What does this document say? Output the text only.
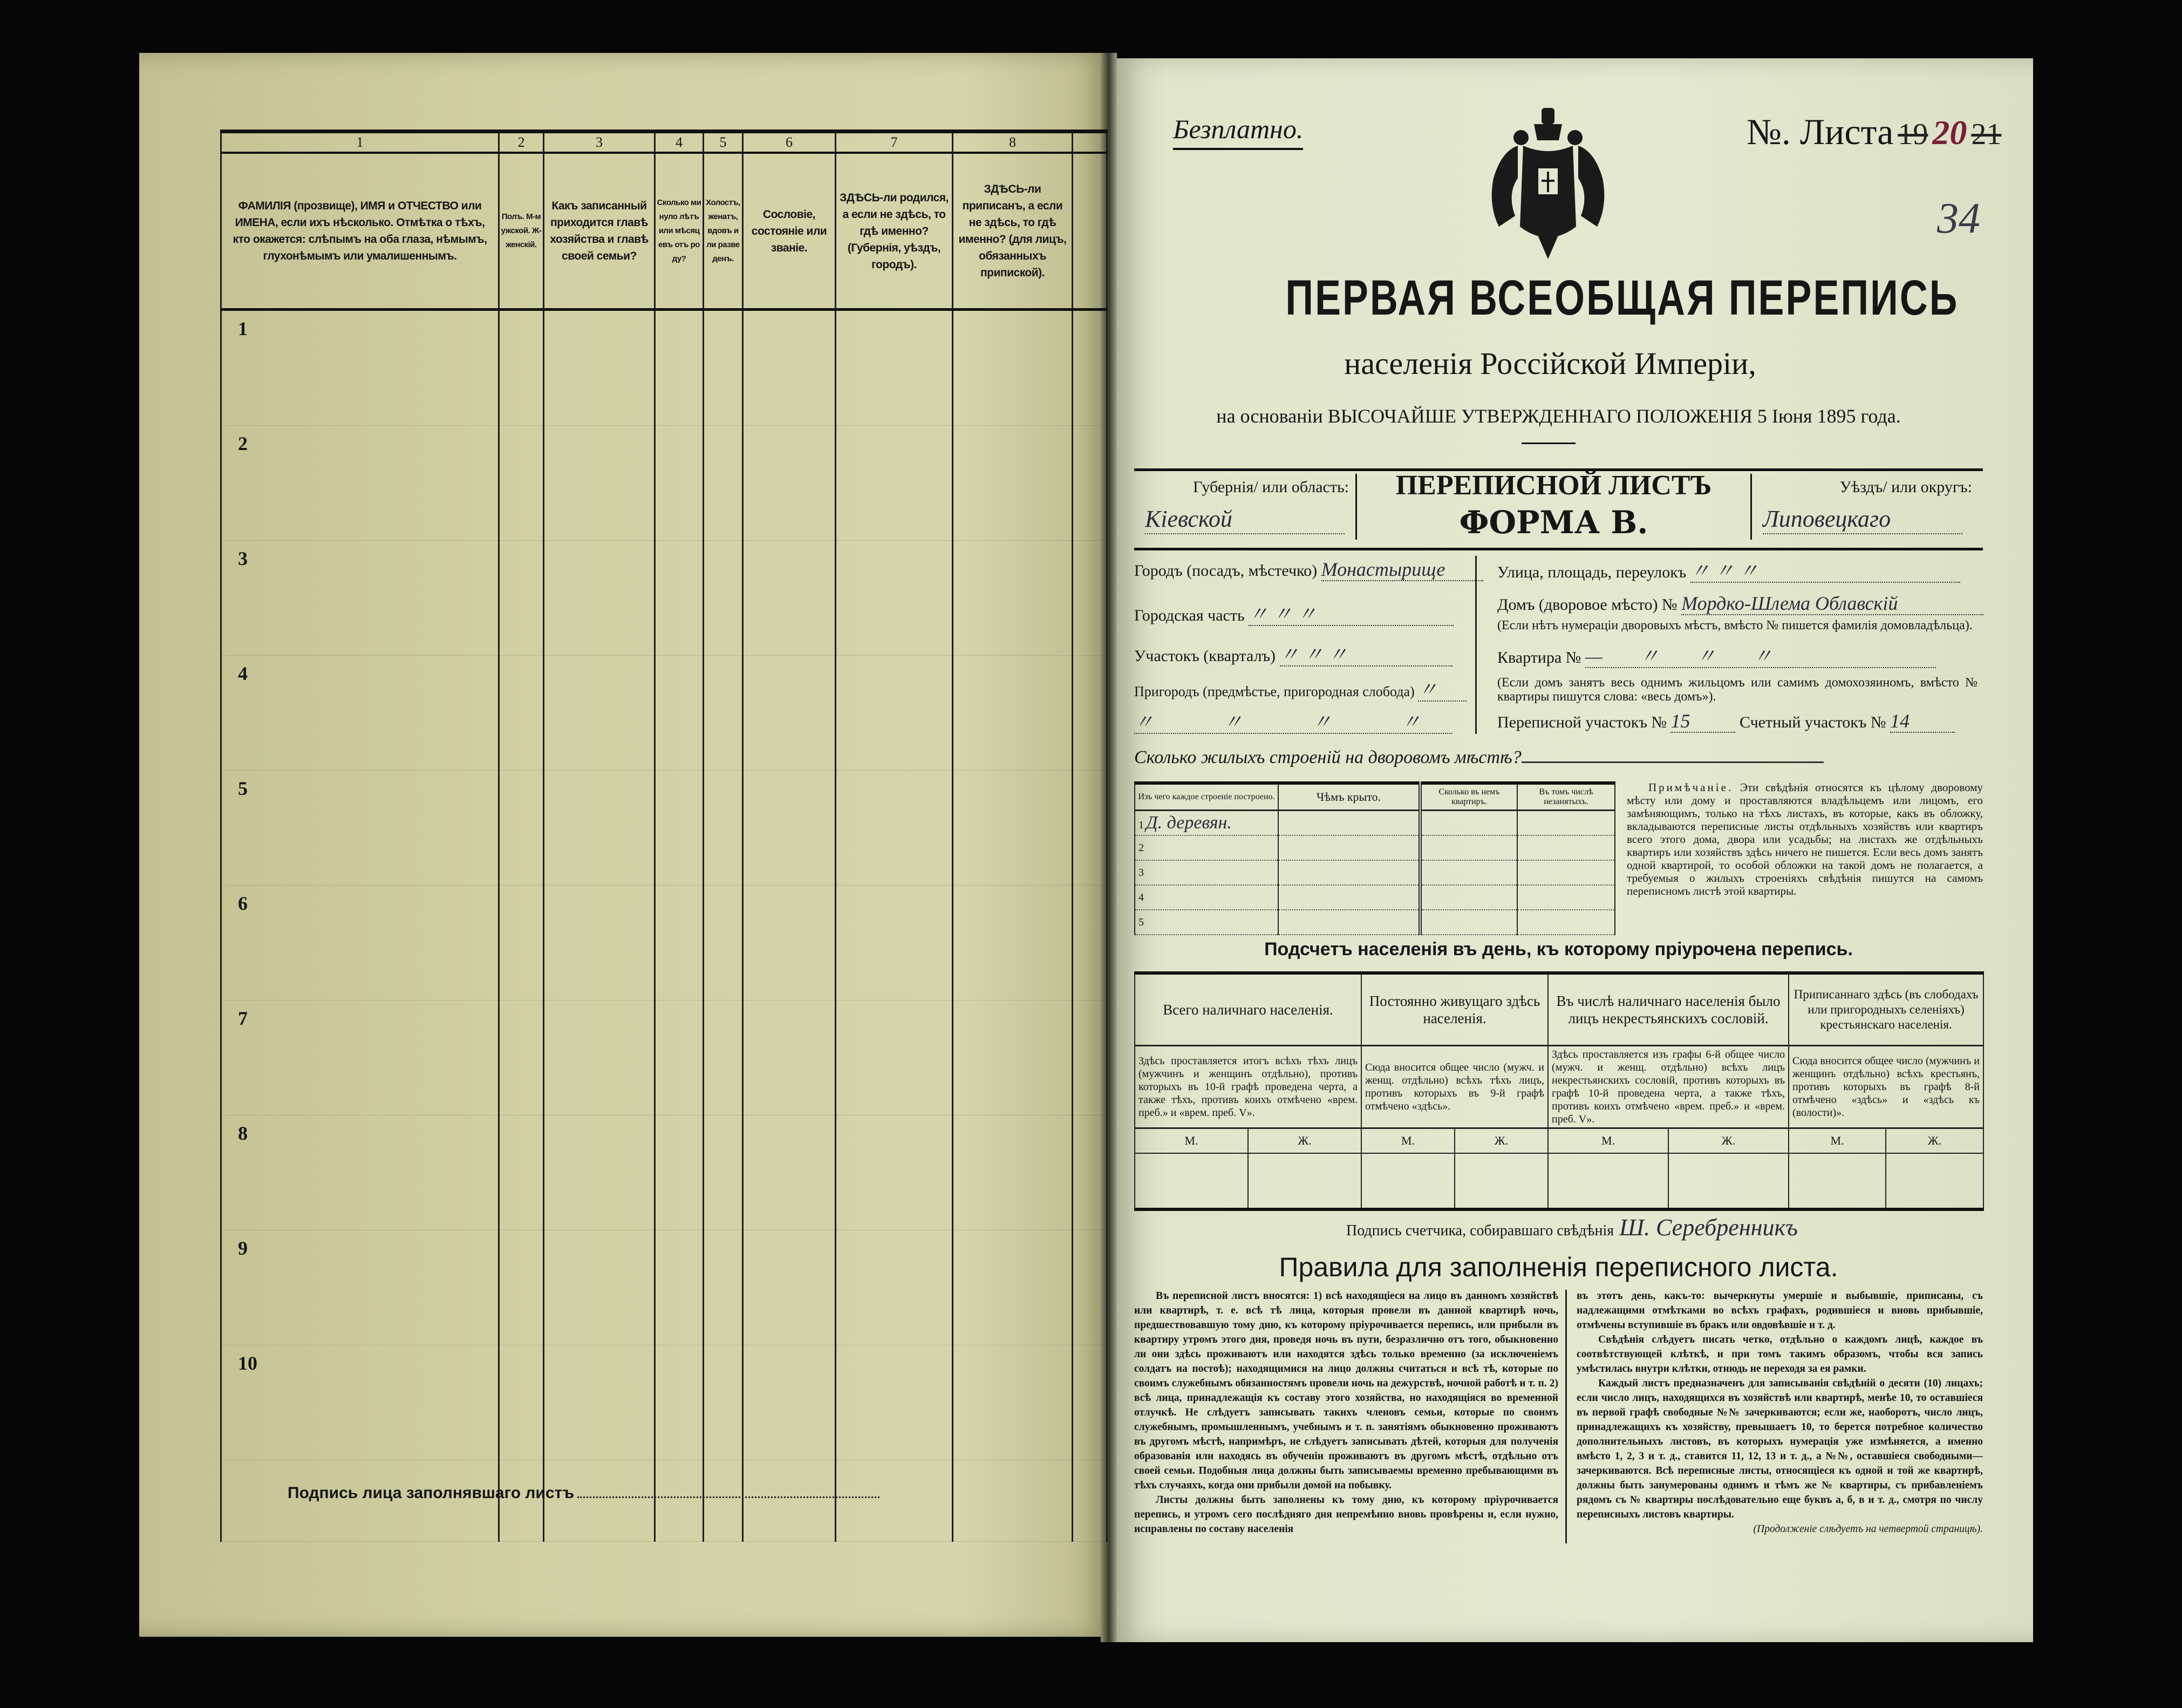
1	2	3	4	5	6	7	8	
ФАМИЛІЯ (прозвище), ИМЯ и ОТЧЕСТВО или ИМЕНА, если ихъ нѣсколько. Отмѣтка о тѣхъ, кто окажется: слѣпымъ на оба глаза, нѣмымъ, глухонѣмымъ или умалишеннымъ.	Полъ. М-мужской. Ж-женскій.	Какъ записанный приходится главѣ хозяйства и главѣ своей семьи?	Сколько минуло лѣтъ или мѣсяцевъ отъ роду?	Холостъ, женатъ, вдовъ или разведенъ.	Сословіе, состояніе или званіе.	ЗДѢСЬ-ли родился, а если не здѣсь, то гдѣ именно? (Губернія, уѣздъ, городъ).	ЗДѢСЬ-ли приписанъ, а если не здѣсь, то гдѣ именно? (для лицъ, обязанныхъ припиской).	
1								
2								
3								
4								
5								
6								
7								
8								
9								
10								

Подпись лица заполнявшаго листъ
Безплатно.	№. Листа 19 20 21
34
ПЕРВАЯ ВСЕОБЩАЯ ПЕРЕПИСЬ
населенія Россійской Имперіи,
на основаніи ВЫСОЧАЙШЕ УТВЕРЖДЕННАГО ПОЛОЖЕНІЯ 5 Іюня 1895 года.
Губернія/ или область:
Кіевской
ПЕРЕПИСНОЙ ЛИСТЪ
ФОРМА В.
Уѣздъ/ или округъ:
Липовецкаго
Городъ (посадъ, мѣстечко) Монастырище
Городская часть 〃 〃 〃
Участокъ (кварталъ) 〃 〃 〃
Пригородъ (предмѣстье, пригородная слобода) 〃
〃 〃 〃 〃
Улица, площадь, переулокъ 〃 〃 〃
Домъ (дворовое мѣсто) № Мордко-Шлема Облавскій
(Если нѣтъ нумераціи дворовыхъ мѣстъ, вмѣсто № пишется фамилія домовладѣльца).
Квартира № — 〃 〃 〃
(Если домъ занятъ весь однимъ жильцомъ или самимъ домохозяиномъ, вмѣсто № квартиры пишутся слова: «весь домъ»).
Переписной участокъ № 15	Счетный участокъ № 14
Сколько жилыхъ строеній на дворовомъ мѣстѣ?
Изъ чего каждое строеніе построено.	Чѣмъ крыто.	Сколько въ немъ квартиръ.	Въ томъ числѣ незанятыхъ.
1 Д. деревян.			
2			
3			
4			
5			
Примѣчаніе. Эти свѣдѣнія относятся къ цѣлому дворовому мѣсту или дому и проставляются владѣльцемъ или лицомъ, его замѣняющимъ, только на тѣхъ листахъ, въ которые, какъ въ обложку, вкладываются переписные листы отдѣльныхъ хозяйствъ или квартиръ всего этого дома, двора или усадьбы; на листахъ же отдѣльныхъ квартиръ или хозяйствъ здѣсь ничего не пишется. Если весь домъ занятъ одной квартирой, то особой обложки на такой домъ не полагается, а требуемыя о жилыхъ строеніяхъ свѣдѣнія пишутся на самомъ переписномъ листѣ этой квартиры.
Подсчетъ населенія въ день, къ которому пріурочена перепись.
Всего наличнаго населенія.		Постоянно живущаго здѣсь населенія.		Въ числѣ наличнаго населенія было лицъ некрестьянскихъ сословій.		Приписаннаго здѣсь (въ слободахъ или пригородныхъ селеніяхъ) крестьянскаго населенія.	
Здѣсь проставляется итогъ всѣхъ тѣхъ лицъ (мужчинъ и женщинъ отдѣльно), противъ которыхъ въ 10-й графѣ проведена черта, а также тѣхъ, противъ коихъ отмѣчено «врем. преб.» и «врем. преб. V».		Сюда вносится общее число (мужч. и женщ. отдѣльно) всѣхъ тѣхъ лицъ, противъ которыхъ въ 9-й графѣ отмѣчено «здѣсь».		Здѣсь проставляется изъ графы 6-й общее число (мужч. и женщ. отдѣльно) всѣхъ лицъ некрестьянскихъ сословій, противъ которыхъ въ графѣ 10-й проведена черта, а также тѣхъ, противъ коихъ отмѣчено «врем. преб.» и «врем. преб. V».		Сюда вносится общее число (мужчинъ и женщинъ отдѣльно) всѣхъ крестьянъ, противъ которыхъ въ графѣ 8-й отмѣчено «здѣсь» и «здѣсь къ (волости)».	
М.	Ж.	М.	Ж.	М.	Ж.	М.	Ж.

Подпись счетчика, собиравшаго свѣдѣнія Ш. Серебренникъ
Правила для заполненія переписного листа.

Въ переписной листъ вносятся: 1) всѣ находящіеся на лицо въ данномъ хозяйствѣ или квартирѣ, т. е. всѣ тѣ лица, которыя провели въ данной квартирѣ ночь, предшествовавшую тому дню, къ которому пріурочивается перепись, или прибыли въ квартиру утромъ этого дня, проведя ночь въ пути, безразлично отъ того, обыкновенно ли они здѣсь проживаютъ или находятся здѣсь только временно (за исключеніемъ солдатъ на постоѣ); находящимися на лицо должны считаться и всѣ тѣ, которые по своимъ служебнымъ обязанностямъ провели ночь на дежурствѣ, ночной работѣ и т. п. 2) всѣ лица, принадлежащія къ составу этого хозяйства, но находящіяся во временной отлучкѣ. Не слѣдуетъ записывать такихъ членовъ семьи, которые по своимъ служебнымъ, промышленнымъ, учебнымъ и т. п. занятіямъ обыкновенно проживаютъ въ другомъ мѣстѣ, напримѣръ, не слѣдуетъ записывать дѣтей, которыя для полученія образованія или находясь въ обученіи проживаютъ въ другомъ мѣстѣ, отдѣльно отъ своей семьи. Подобныя лица должны быть записываемы временно пребывающими въ тѣхъ случаяхъ, когда они прибыли домой на побывку.

Листы должны быть заполнены къ тому дню, къ которому пріурочивается перепись, и утромъ сего послѣдняго дня непремѣнно вновь провѣрены и, если нужно, исправлены по составу населенія

въ этотъ день, какъ-то: вычеркнуты умершіе и выбывшіе, приписаны, съ надлежащими отмѣтками во всѣхъ графахъ, родившіеся и вновь прибывшіе, отмѣчены вступившіе въ бракъ или овдовѣвшіе и т. д.

Свѣдѣнія слѣдуетъ писать четко, отдѣльно о каждомъ лицѣ, каждое въ соотвѣтствующей клѣткѣ, и при томъ такимъ образомъ, чтобы вся запись умѣстилась внутри клѣтки, отнюдь не переходя за ея рамки.

Каждый листъ предназначенъ для записыванія свѣдѣній о десяти (10) лицахъ; если число лицъ, находящихся въ хозяйствѣ или квартирѣ, менѣе 10, то оставшіеся въ первой графѣ свободные №№ зачеркиваются; если же, наоборотъ, число лицъ, принадлежащихъ къ хозяйству, превышаетъ 10, то берется потребное количество дополнительныхъ листовъ, въ которыхъ нумерація уже измѣняется, а именно вмѣсто 1, 2, 3 и т. д., ставится 11, 12, 13 и т. д., а №№, оставшіеся свободными—зачеркиваются. Всѣ переписные листы, относящіеся къ одной и той же квартирѣ, должны быть занумерованы однимъ и тѣмъ же № квартиры, съ прибавленіемъ рядомъ съ № квартиры послѣдовательно еще буквъ а, б, в и т. д., смотря по числу переписныхъ листовъ квартиры.

(Продолженіе слѣдуетъ на четвертой страницѣ).
